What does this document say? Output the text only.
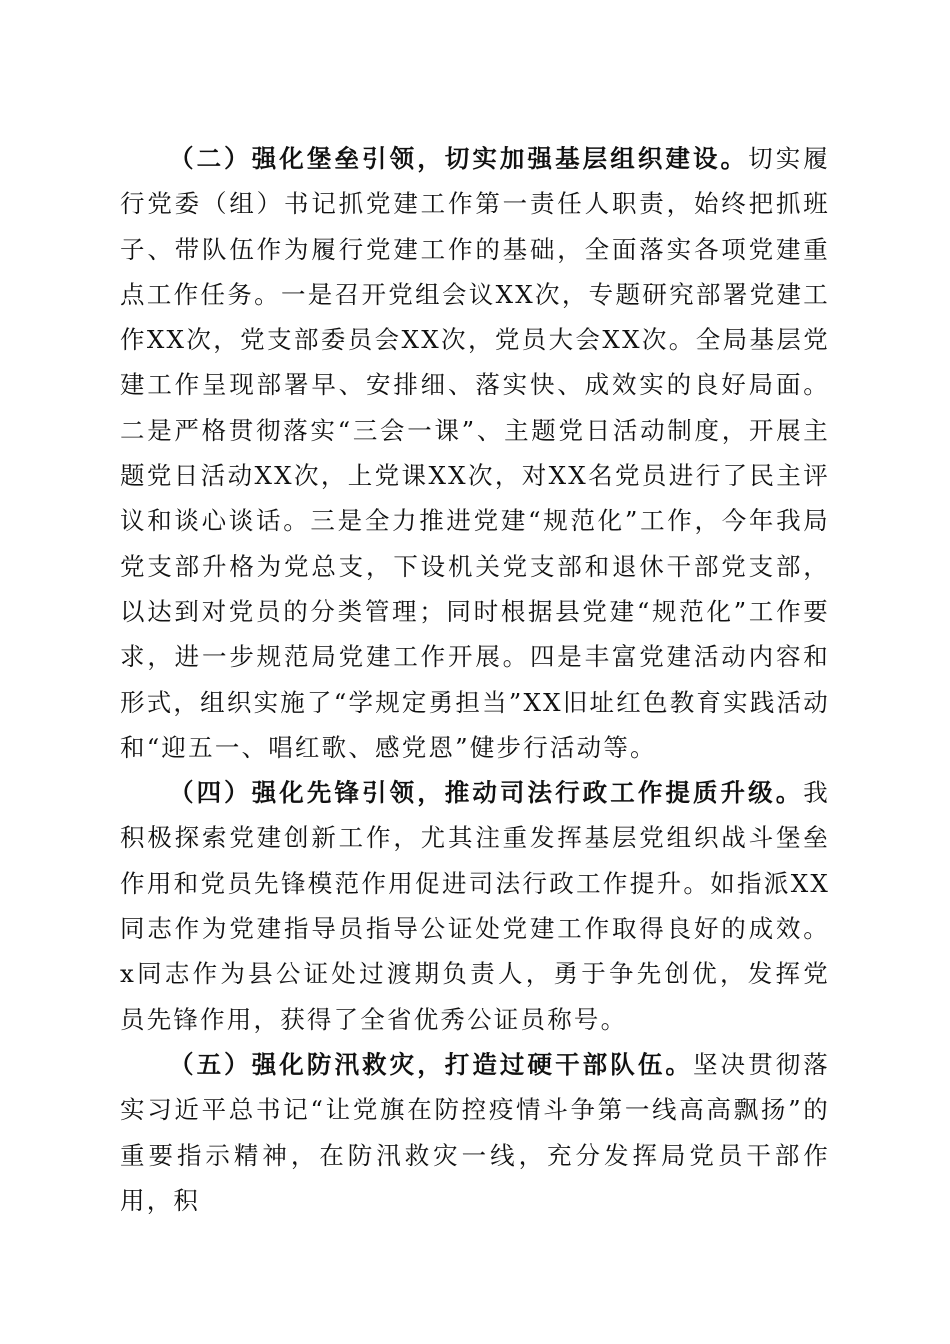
（二）强化堡垒引领，切实加强基层组织建设。切实履行党委（组）书记抓党建工作第一责任人职责，始终把抓班子、带队伍作为履行党建工作的基础，全面落实各项党建重点工作任务。一是召开党组会议XX次，专题研究部署党建工作XX次，党支部委员会XX次，党员大会XX次。全局基层党建工作呈现部署早、安排细、落实快、成效实的良好局面。二是严格贯彻落实“三会一课”、主题党日活动制度，开展主题党日活动XX次，上党课XX次，对XX名党员进行了民主评议和谈心谈话。三是全力推进党建“规范化”工作，今年我局党支部升格为党总支，下设机关党支部和退休干部党支部，以达到对党员的分类管理；同时根据县党建“规范化”工作要求，进一步规范局党建工作开展。四是丰富党建活动内容和形式，组织实施了“学规定勇担当”XX旧址红色教育实践活动和“迎五一、唱红歌、感党恩”健步行活动等。

（四）强化先锋引领，推动司法行政工作提质升级。我积极探索党建创新工作，尤其注重发挥基层党组织战斗堡垒作用和党员先锋模范作用促进司法行政工作提升。如指派XX同志作为党建指导员指导公证处党建工作取得良好的成效。x同志作为县公证处过渡期负责人，勇于争先创优，发挥党员先锋作用，获得了全省优秀公证员称号。

（五）强化防汛救灾，打造过硬干部队伍。坚决贯彻落实习近平总书记“让党旗在防控疫情斗争第一线高高飘扬”的重要指示精神，在防汛救灾一线，充分发挥局党员干部作用，积
